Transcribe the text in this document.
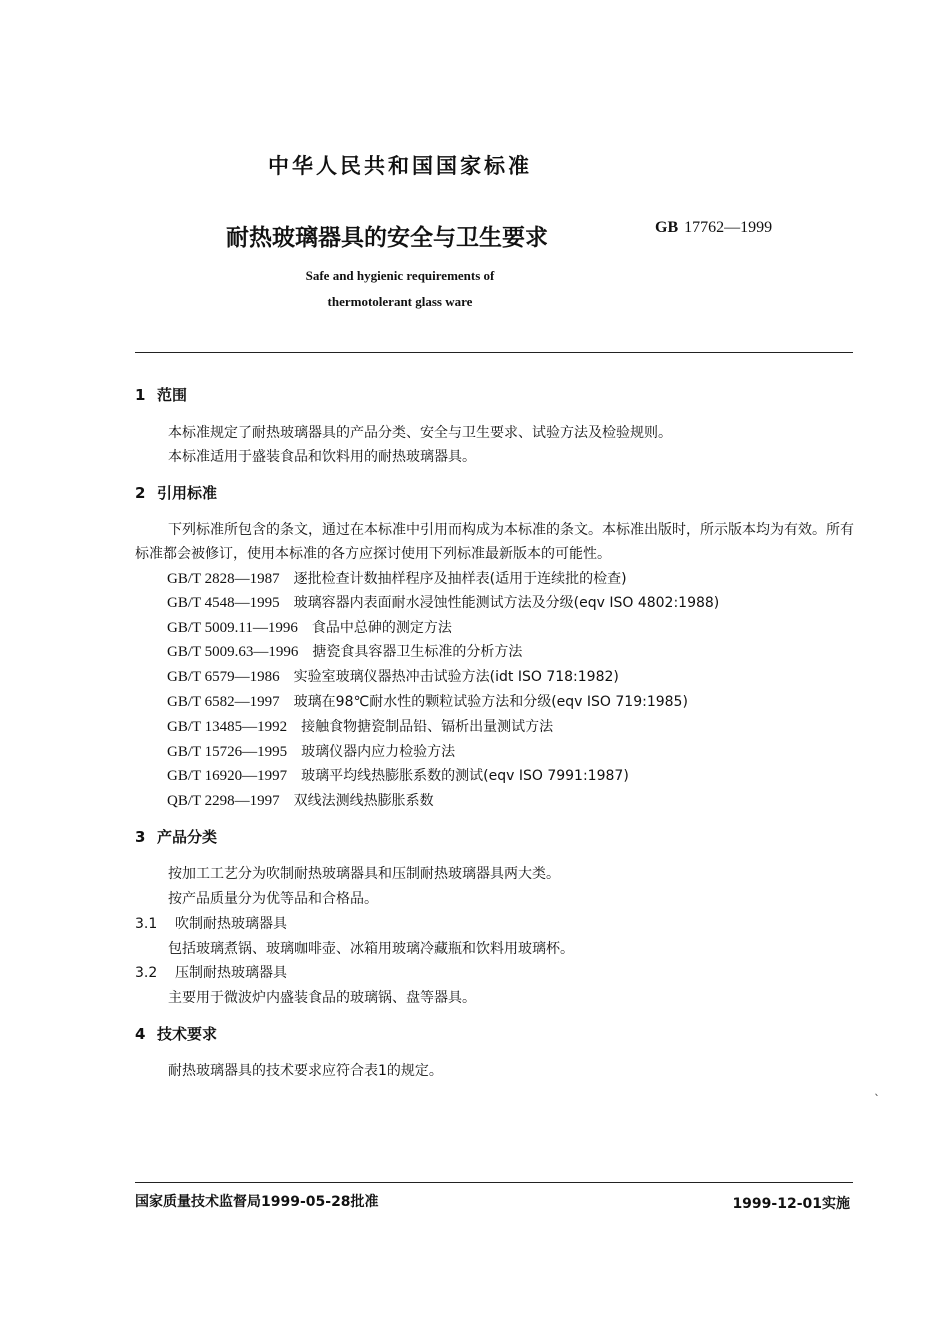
中华人民共和国国家标准
耐热玻璃器具的安全与卫生要求	GB 17762—1999
Safe and hygienic requirements of
thermotolerant glass ware
1 范围
本标准规定了耐热玻璃器具的产品分类、安全与卫生要求、试验方法及检验规则。
本标准适用于盛装食品和饮料用的耐热玻璃器具。
2 引用标准
下列标准所包含的条文，通过在本标准中引用而构成为本标准的条文。本标准出版时，所示版本均为有效。所有标准都会被修订，使用本标准的各方应探讨使用下列标准最新版本的可能性。
GB/T 2828—1987 逐批检查计数抽样程序及抽样表(适用于连续批的检查)
GB/T 4548—1995 玻璃容器内表面耐水浸蚀性能测试方法及分级(eqv ISO 4802:1988)
GB/T 5009.11—1996 食品中总砷的测定方法
GB/T 5009.63—1996 搪瓷食具容器卫生标准的分析方法
GB/T 6579—1986 实验室玻璃仪器热冲击试验方法(idt ISO 718:1982)
GB/T 6582—1997 玻璃在98℃耐水性的颗粒试验方法和分级(eqv ISO 719:1985)
GB/T 13485—1992 接触食物搪瓷制品铅、镉析出量测试方法
GB/T 15726—1995 玻璃仪器内应力检验方法
GB/T 16920—1997 玻璃平均线热膨胀系数的测试(eqv ISO 7991:1987)
QB/T 2298—1997 双线法测线热膨胀系数
3 产品分类
按加工工艺分为吹制耐热玻璃器具和压制耐热玻璃器具两大类。
按产品质量分为优等品和合格品。
3.1 吹制耐热玻璃器具
包括玻璃煮锅、玻璃咖啡壶、冰箱用玻璃冷藏瓶和饮料用玻璃杯。
3.2 压制耐热玻璃器具
主要用于微波炉内盛装食品的玻璃锅、盘等器具。
4 技术要求
耐热玻璃器具的技术要求应符合表1的规定。
ˎ
国家质量技术监督局1999-05-28批准	1999-12-01实施
